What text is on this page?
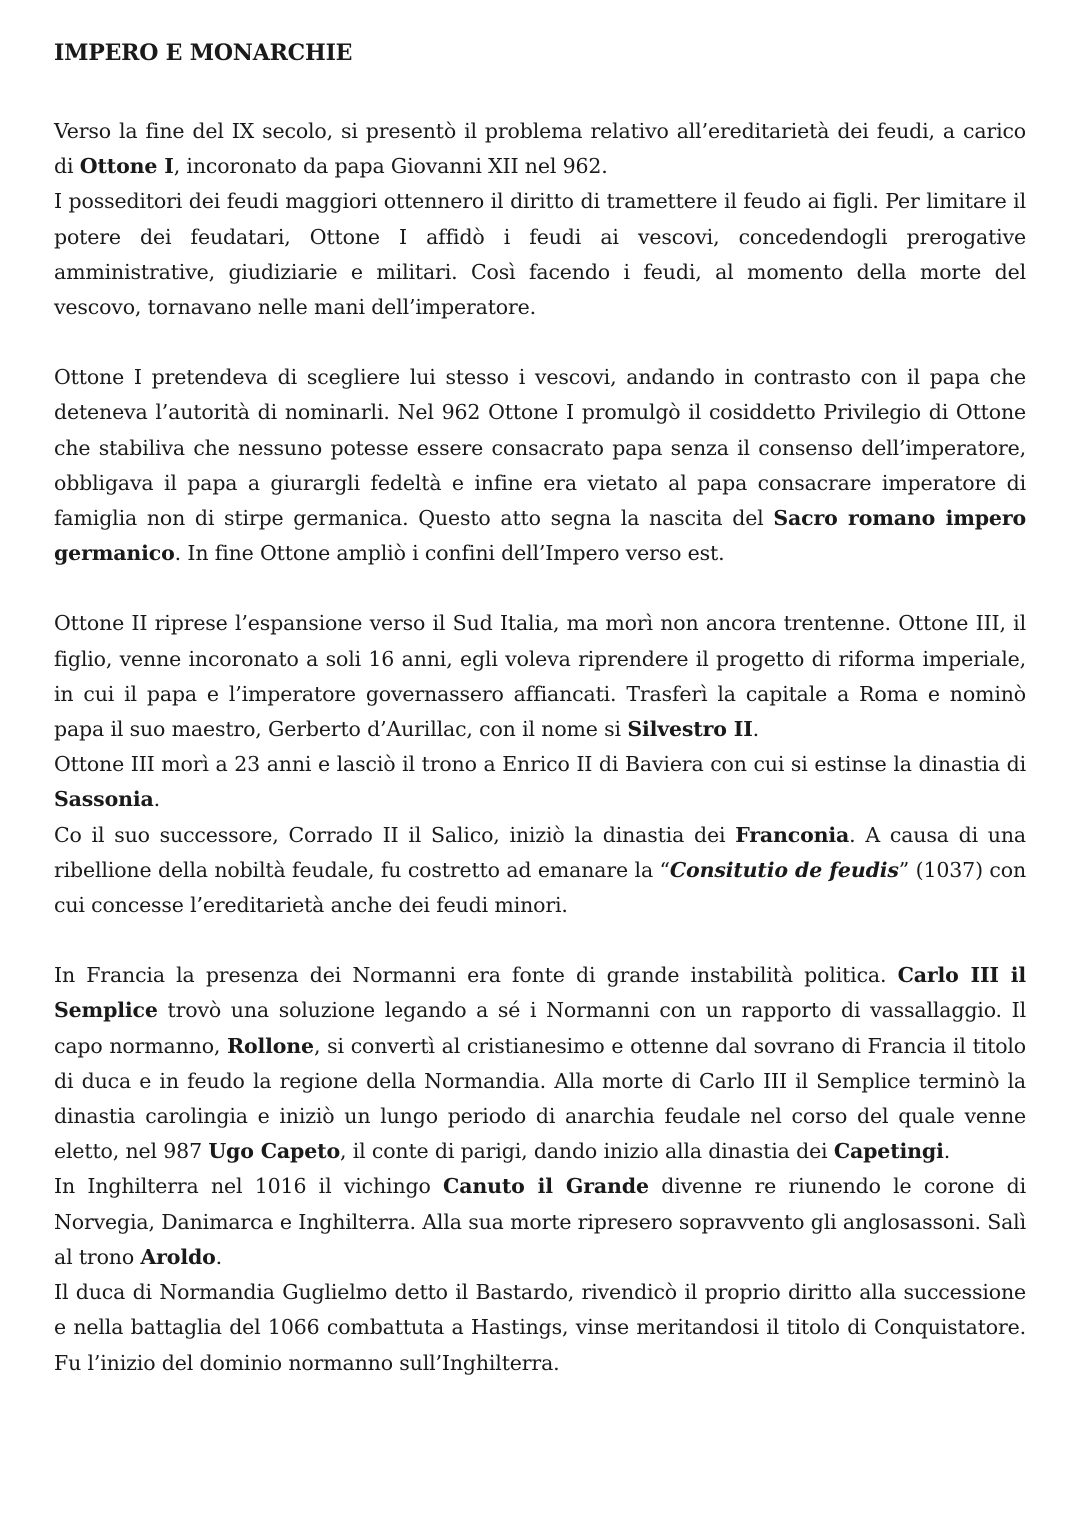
IMPERO E MONARCHIE

Verso la fine del IX secolo, si presentò il problema relativo all’ereditarietà dei feudi, a carico di Ottone I, incoronato da papa Giovanni XII nel 962.
I posseditori dei feudi maggiori ottennero il diritto di tramettere il feudo ai figli. Per limitare il potere dei feudatari, Ottone I affidò i feudi ai vescovi, concedendogli prerogative amministrative, giudiziarie e militari. Così facendo i feudi, al momento della morte del vescovo, tornavano nelle mani dell’imperatore.

Ottone I pretendeva di scegliere lui stesso i vescovi, andando in contrasto con il papa che deteneva l’autorità di nominarli. Nel 962 Ottone I promulgò il cosiddetto Privilegio di Ottone che stabiliva che nessuno potesse essere consacrato papa senza il consenso dell’imperatore, obbligava il papa a giurargli fedeltà e infine era vietato al papa consacrare imperatore di famiglia non di stirpe germanica. Questo atto segna la nascita del Sacro romano impero germanico. In fine Ottone ampliò i confini dell’Impero verso est.

Ottone II riprese l’espansione verso il Sud Italia, ma morì non ancora trentenne. Ottone III, il figlio, venne incoronato a soli 16 anni, egli voleva riprendere il progetto di riforma imperiale, in cui il papa e l’imperatore governassero affiancati. Trasferì la capitale a Roma e nominò papa il suo maestro, Gerberto d’Aurillac, con il nome si Silvestro II.
Ottone III morì a 23 anni e lasciò il trono a Enrico II di Baviera con cui si estinse la dinastia di Sassonia.
Co il suo successore, Corrado II il Salico, iniziò la dinastia dei Franconia. A causa di una ribellione della nobiltà feudale, fu costretto ad emanare la “Consitutio de feudis” (1037) con cui concesse l’ereditarietà anche dei feudi minori.

In Francia la presenza dei Normanni era fonte di grande instabilità politica. Carlo III il Semplice trovò una soluzione legando a sé i Normanni con un rapporto di vassallaggio. Il capo normanno, Rollone, si convertì al cristianesimo e ottenne dal sovrano di Francia il titolo di duca e in feudo la regione della Normandia. Alla morte di Carlo III il Semplice terminò la dinastia carolingia e iniziò un lungo periodo di anarchia feudale nel corso del quale venne eletto, nel 987 Ugo Capeto, il conte di parigi, dando inizio alla dinastia dei Capetingi.
In Inghilterra nel 1016 il vichingo Canuto il Grande divenne re riunendo le corone di Norvegia, Danimarca e Inghilterra. Alla sua morte ripresero sopravvento gli anglosassoni. Salì al trono Aroldo.
Il duca di Normandia Guglielmo detto il Bastardo, rivendicò il proprio diritto alla successione e nella battaglia del 1066 combattuta a Hastings, vinse meritandosi il titolo di Conquistatore. Fu l’inizio del dominio normanno sull’Inghilterra.
